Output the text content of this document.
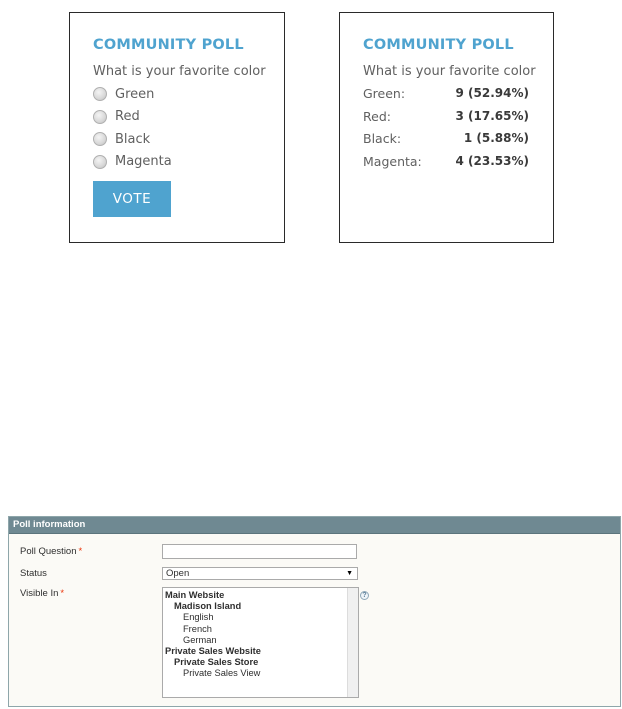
COMMUNITY POLL
What is your favorite color
Green
Red
Black
Magenta
VOTE
COMMUNITY POLL
What is your favorite color
Green:	9 (52.94%)
Red:	3 (17.65%)
Black:	1 (5.88%)
Magenta:	4 (23.53%)
Poll information
Poll Question *
Status	Open	▼
Visible In *	Main Website
Madison Island
English
French
German
Private Sales Website
Private Sales Store
Private Sales View
?
